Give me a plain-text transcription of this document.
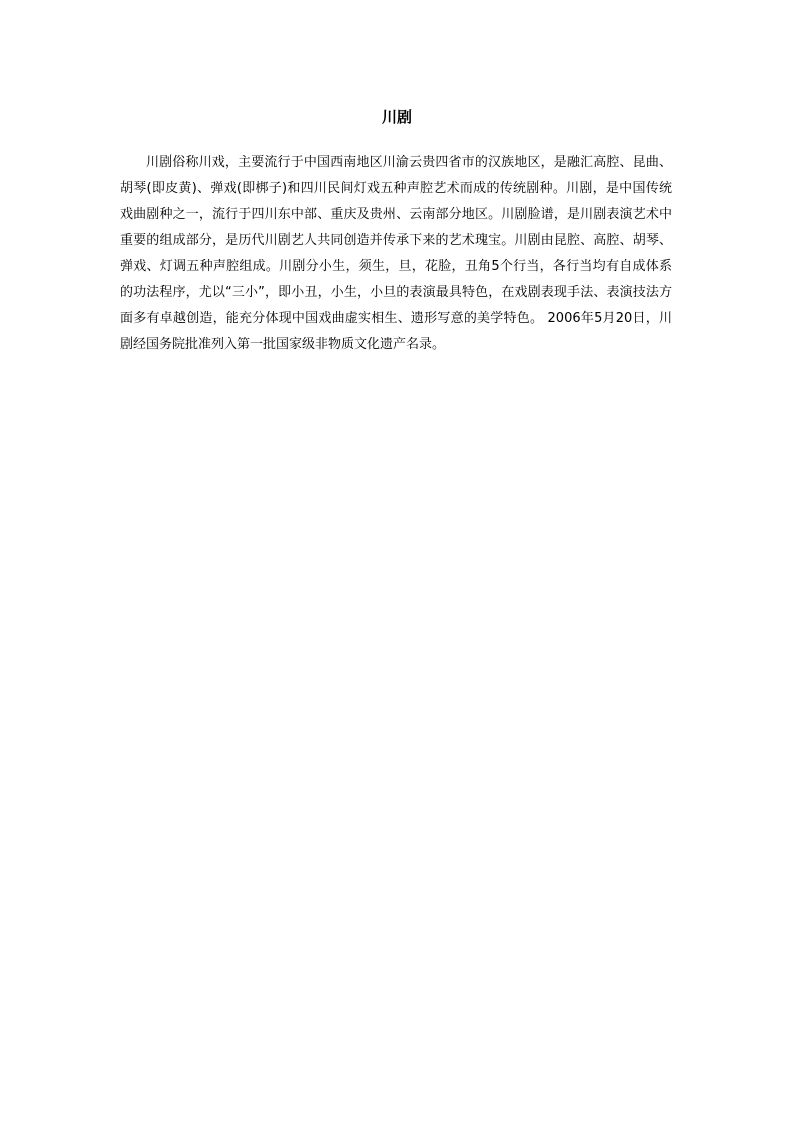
川剧

川剧俗称川戏，主要流行于中国西南地区川渝云贵四省市的汉族地区，是融汇高腔、昆曲、胡琴(即皮黄)、弹戏(即梆子)和四川民间灯戏五种声腔艺术而成的传统剧种。川剧，是中国传统戏曲剧种之一，流行于四川东中部、重庆及贵州、云南部分地区。川剧脸谱，是川剧表演艺术中重要的组成部分，是历代川剧艺人共同创造并传承下来的艺术瑰宝。川剧由昆腔、高腔、胡琴、弹戏、灯调五种声腔组成。川剧分小生，须生，旦，花脸，丑角5个行当，各行当均有自成体系的功法程序，尤以“三小”，即小丑，小生，小旦的表演最具特色，在戏剧表现手法、表演技法方面多有卓越创造，能充分体现中国戏曲虚实相生、遗形写意的美学特色。 2006年5月20日，川剧经国务院批准列入第一批国家级非物质文化遗产名录。
